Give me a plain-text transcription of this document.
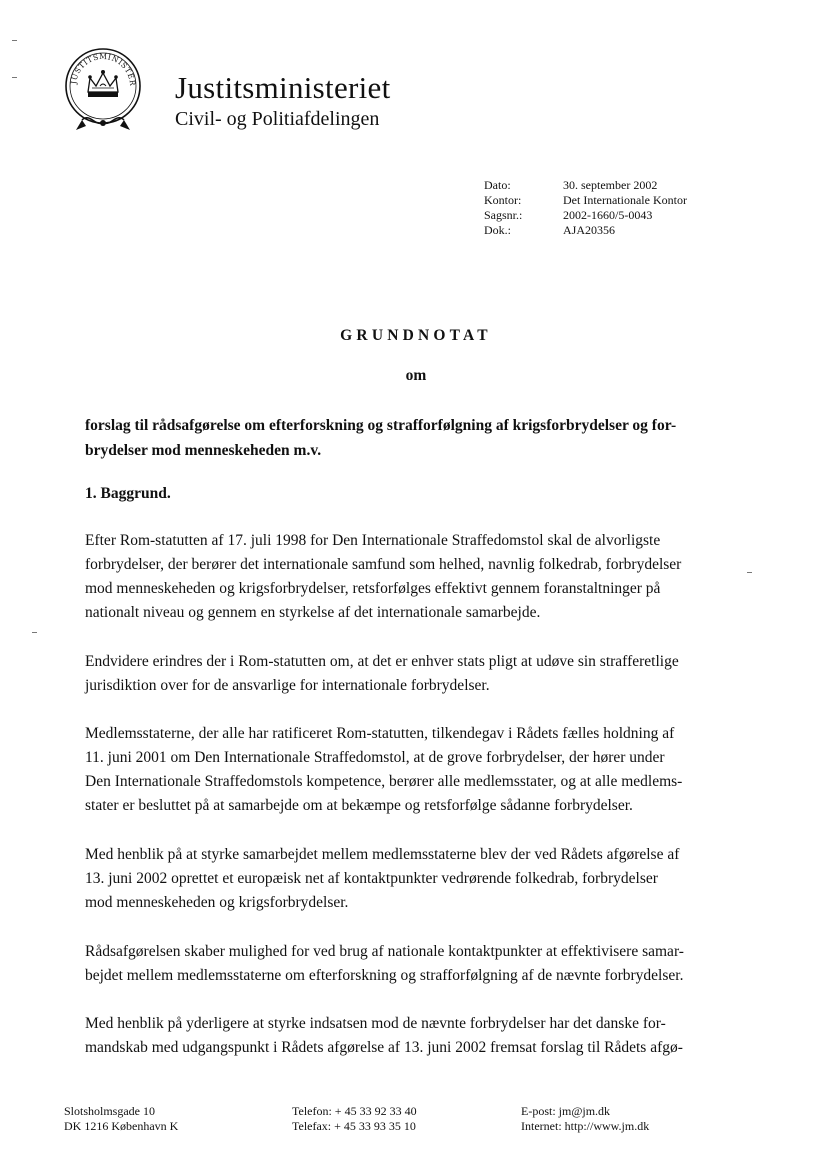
JUSTITSMINISTER Justitsministeriet
Civil- og Politiafdelingen
Dato:	30. september 2002
Kontor:	Det Internationale Kontor
Sagsnr.:	2002-1660/5-0043
Dok.:	AJA20356
GRUNDNOTAT
om
forslag til rådsafgørelse om efterforskning og strafforfølgning af krigsforbrydelser og for-
brydelser mod menneskeheden m.v.
1. Baggrund.
Efter Rom-statutten af 17. juli 1998 for Den Internationale Straffedomstol skal de alvorligste
forbrydelser, der berører det internationale samfund som helhed, navnlig folkedrab, forbrydelser
mod menneskeheden og krigsforbrydelser, retsforfølges effektivt gennem foranstaltninger på
nationalt niveau og gennem en styrkelse af det internationale samarbejde.
Endvidere erindres der i Rom-statutten om, at det er enhver stats pligt at udøve sin strafferetlige
jurisdiktion over for de ansvarlige for internationale forbrydelser.
Medlemsstaterne, der alle har ratificeret Rom-statutten, tilkendegav i Rådets fælles holdning af
11. juni 2001 om Den Internationale Straffedomstol, at de grove forbrydelser, der hører under
Den Internationale Straffedomstols kompetence, berører alle medlemsstater, og at alle medlems-
stater er besluttet på at samarbejde om at bekæmpe og retsforfølge sådanne forbrydelser.
Med henblik på at styrke samarbejdet mellem medlemsstaterne blev der ved Rådets afgørelse af
13. juni 2002 oprettet et europæisk net af kontaktpunkter vedrørende folkedrab, forbrydelser
mod menneskeheden og krigsforbrydelser.
Rådsafgørelsen skaber mulighed for ved brug af nationale kontaktpunkter at effektivisere samar-
bejdet mellem medlemsstaterne om efterforskning og strafforfølgning af de nævnte forbrydelser.
Med henblik på yderligere at styrke indsatsen mod de nævnte forbrydelser har det danske for-
mandskab med udgangspunkt i Rådets afgørelse af 13. juni 2002 fremsat forslag til Rådets afgø-
Slotsholmsgade 10
DK 1216 København K
Telefon: + 45 33 92 33 40
Telefax: + 45 33 93 35 10
E-post: jm@jm.dk
Internet: http://www.jm.dk
